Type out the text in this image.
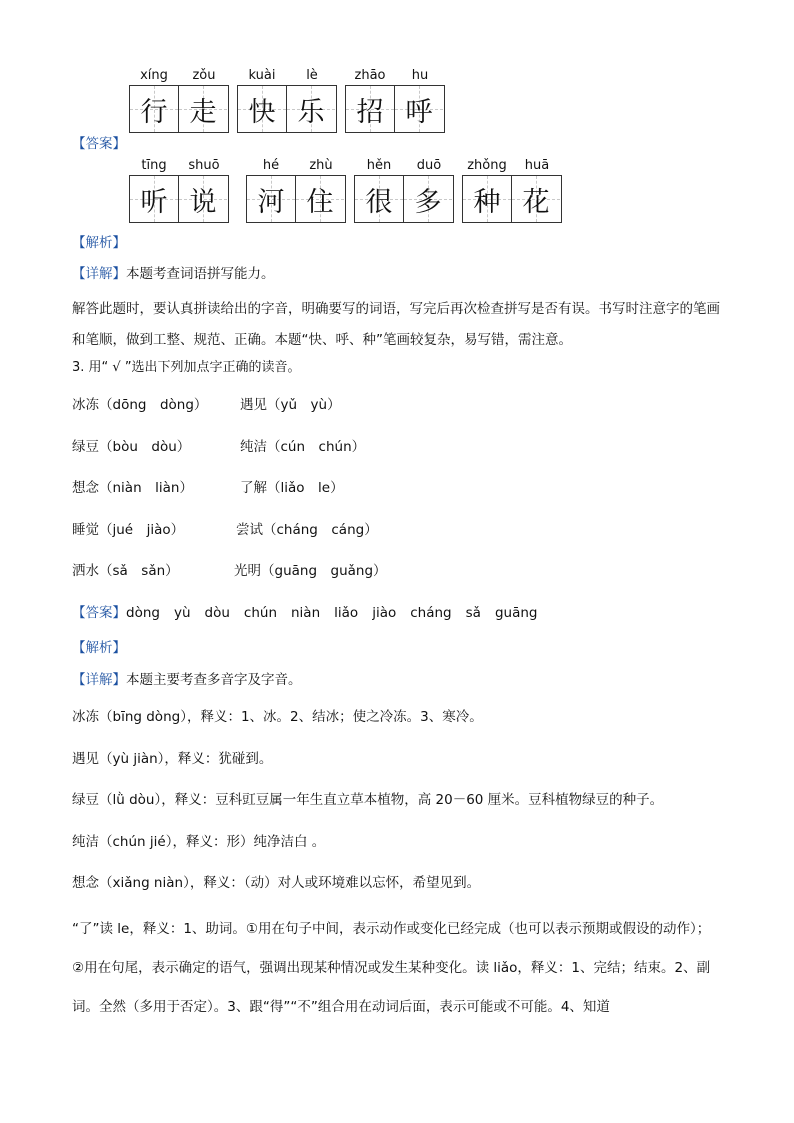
xíng	zǒu
行 走
kuài	lè
快 乐
zhāo	hu
招 呼
【答案】
tīng	shuō
听 说
hé	zhù
河 住
hěn	duō
很 多
zhǒng	huā
种 花
【解析】
【详解】本题考查词语拼写能力。
解答此题时，要认真拼读给出的字音，明确要写的词语，写完后再次检查拼写是否有误。书写时注意字的笔画和笔顺，做到工整、规范、正确。本题“快、呼、种”笔画较复杂，易写错，需注意。
3. 用“ √ ”选出下列加点字正确的读音。
冰冻（dōng　dòng） 遇见（yǔ　yù）
绿豆（bòu　dòu）	纯洁（cún　chún）
想念（niàn　liàn）	了解（liǎo　le）
睡觉（jué　jiào）	尝试（cháng　cáng）
洒水（sǎ　sǎn）	光明（guāng　guǎng）
【答案】dòng yù dòu chún niàn liǎo jiào cháng sǎ guāng
【解析】
【详解】本题主要考查多音字及字音。
冰冻（bīng dòng），释义：1、冰。2、结冰；使之冷冻。3、寒冷。
遇见（yù jiàn），释义：犹碰到。
绿豆（lǜ dòu），释义：豆科豇豆属一年生直立草本植物，高 20－60 厘米。豆科植物绿豆的种子。
纯洁（chún jié），释义：形）纯净洁白 。
想念（xiǎng niàn），释义：（动）对人或环境难以忘怀，希望见到。
“了”读 le，释义：1、助词。①用在句子中间，表示动作或变化已经完成（也可以表示预期或假设的动作）；②用在句尾，表示确定的语气，强调出现某种情况或发生某种变化。读 liǎo，释义：1、完结；结束。2、副词。全然（多用于否定）。3、跟“得”“不”组合用在动词后面，表示可能或不可能。4、知道
